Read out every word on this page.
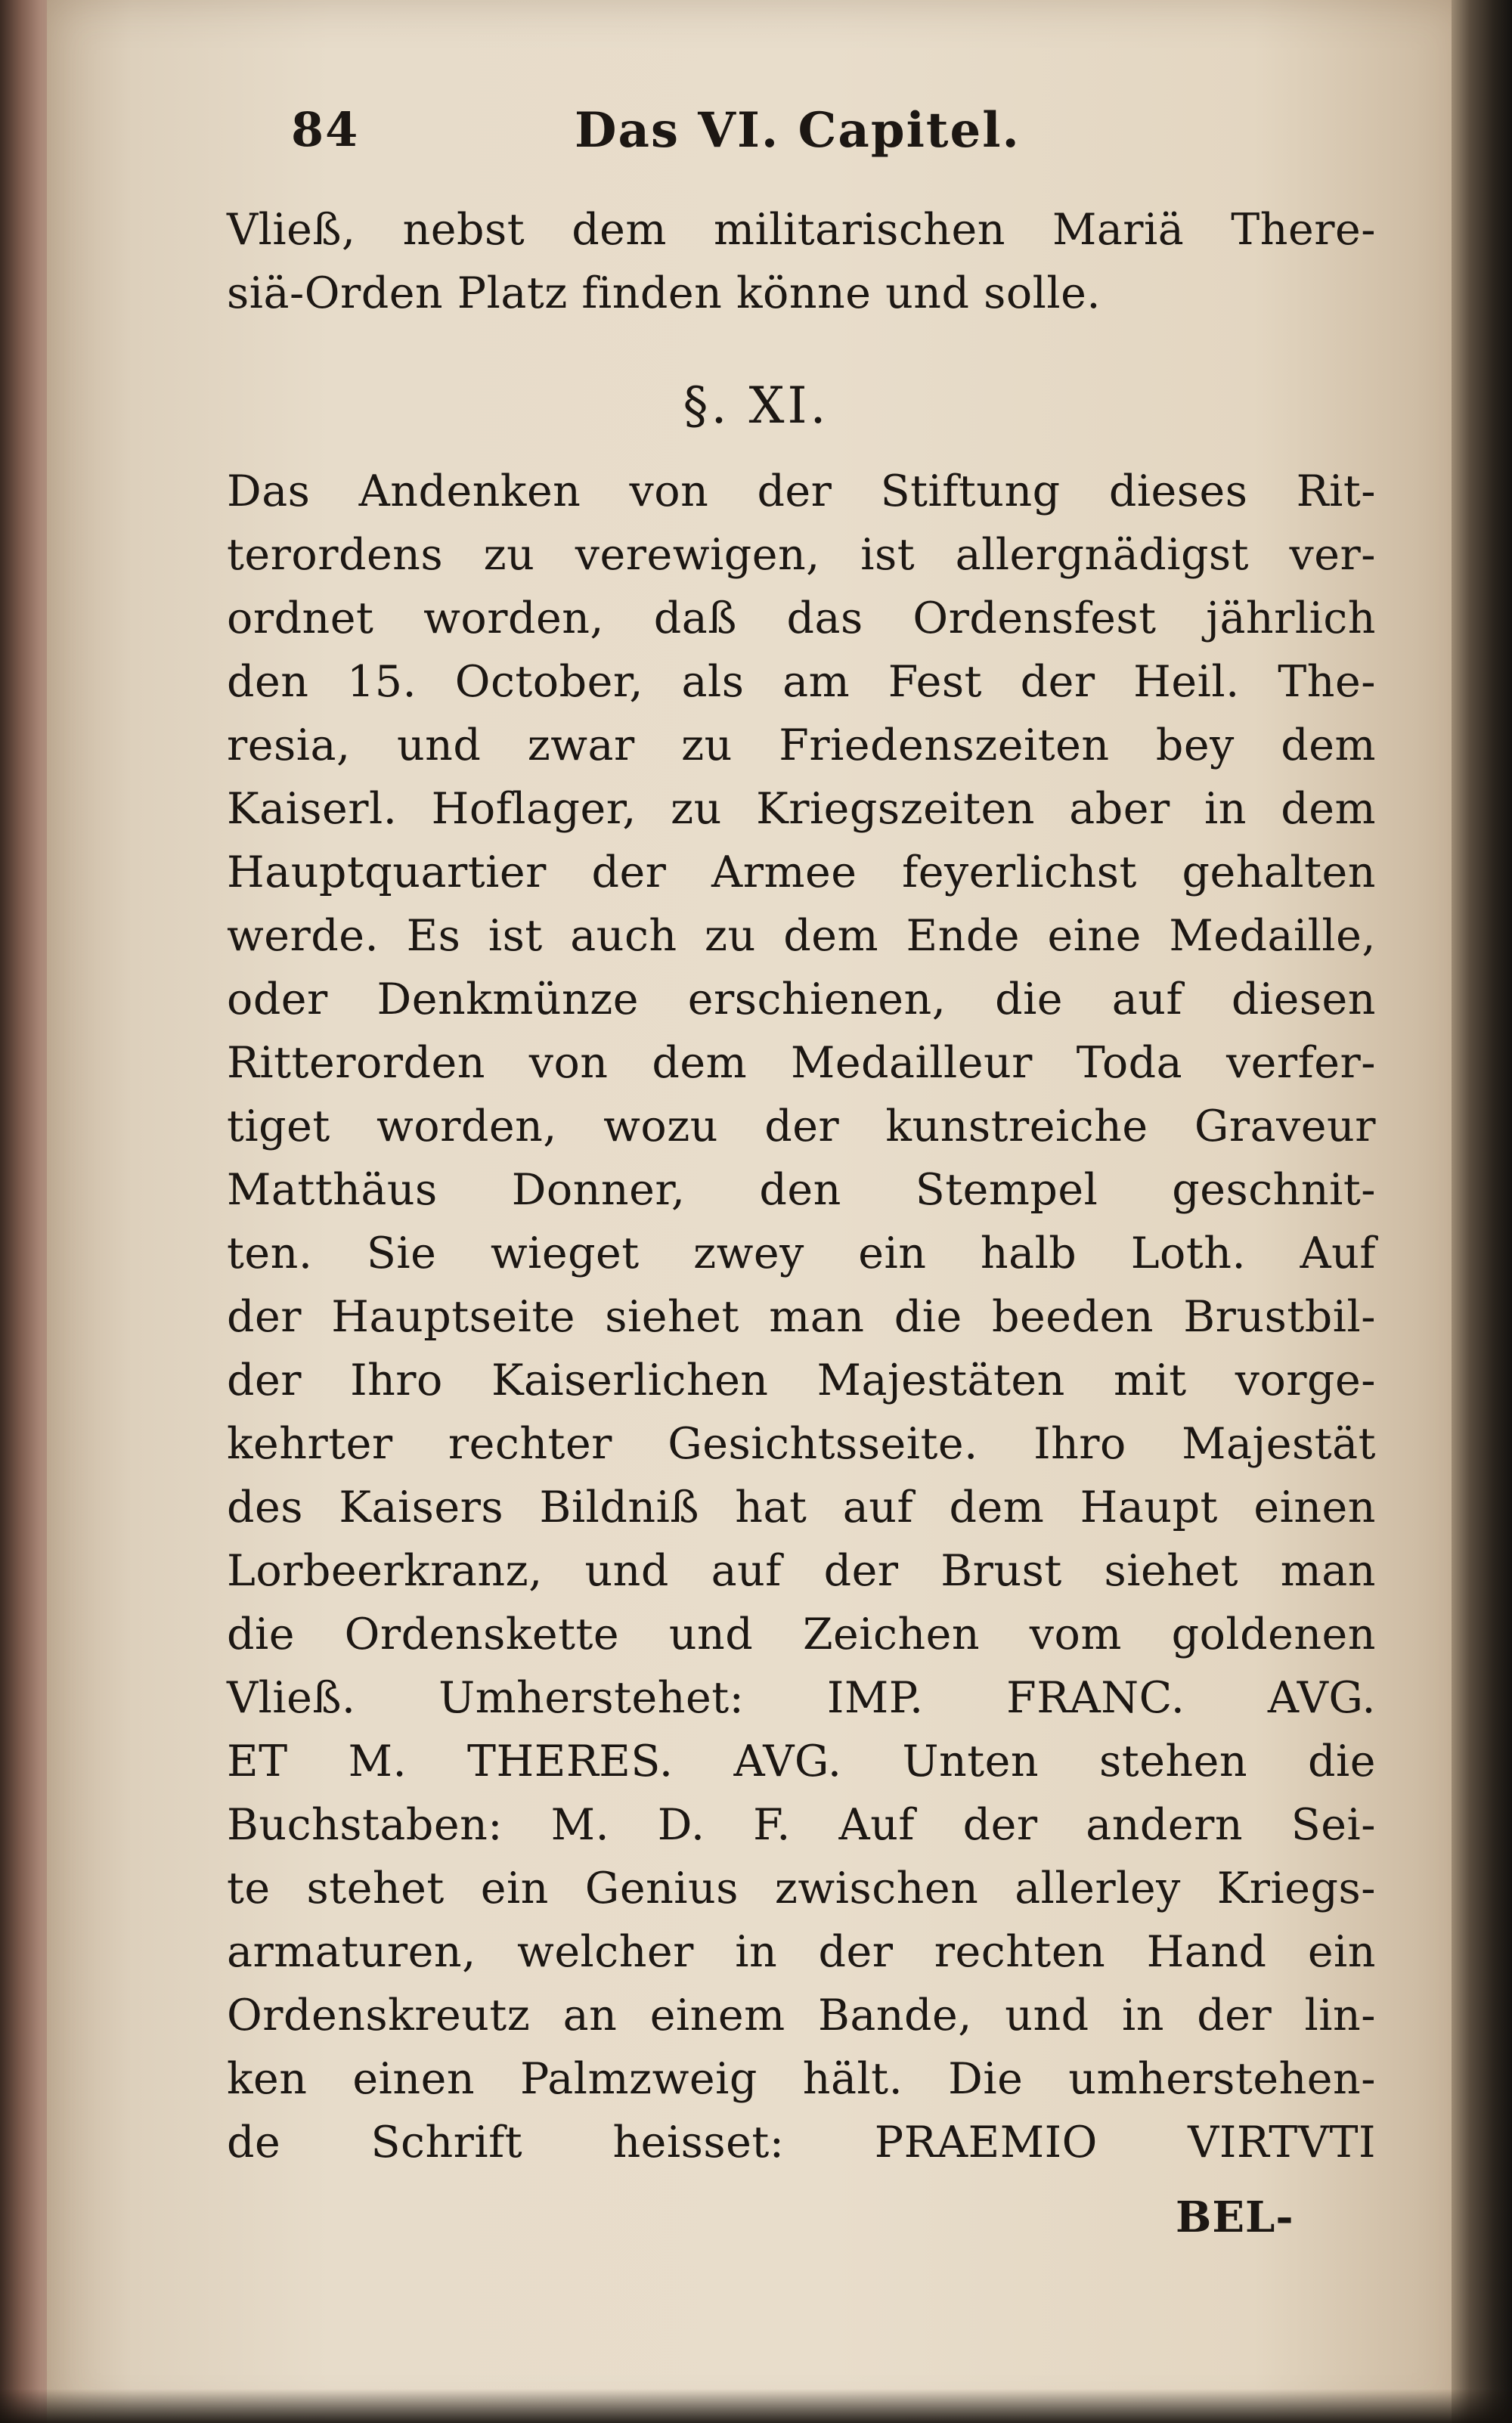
84	Das VI. Capitel.
Vließ, nebst dem militarischen Mariä There-
siä-Orden Platz finden könne und solle.
§. XI.
Das Andenken von der Stiftung dieses Rit-
terordens zu verewigen, ist allergnädigst ver-
ordnet worden, daß das Ordensfest jährlich
den 15. October, als am Fest der Heil. The-
resia, und zwar zu Friedenszeiten bey dem
Kaiserl. Hoflager, zu Kriegszeiten aber in dem
Hauptquartier der Armee feyerlichst gehalten
werde. Es ist auch zu dem Ende eine Medaille,
oder Denkmünze erschienen, die auf diesen
Ritterorden von dem Medailleur Toda verfer-
tiget worden, wozu der kunstreiche Graveur
Matthäus Donner, den Stempel geschnit-
ten. Sie wieget zwey ein halb Loth. Auf
der Hauptseite siehet man die beeden Brustbil-
der Ihro Kaiserlichen Majestäten mit vorge-
kehrter rechter Gesichtsseite. Ihro Majestät
des Kaisers Bildniß hat auf dem Haupt einen
Lorbeerkranz, und auf der Brust siehet man
die Ordenskette und Zeichen vom goldenen
Vließ. Umherstehet: IMP. FRANC. AVG.
ET M. THERES. AVG. Unten stehen die
Buchstaben: M. D. F. Auf der andern Sei-
te stehet ein Genius zwischen allerley Kriegs-
armaturen, welcher in der rechten Hand ein
Ordenskreutz an einem Bande, und in der lin-
ken einen Palmzweig hält. Die umherstehen-
de Schrift heisset: PRAEMIO VIRTVTI
BEL-
